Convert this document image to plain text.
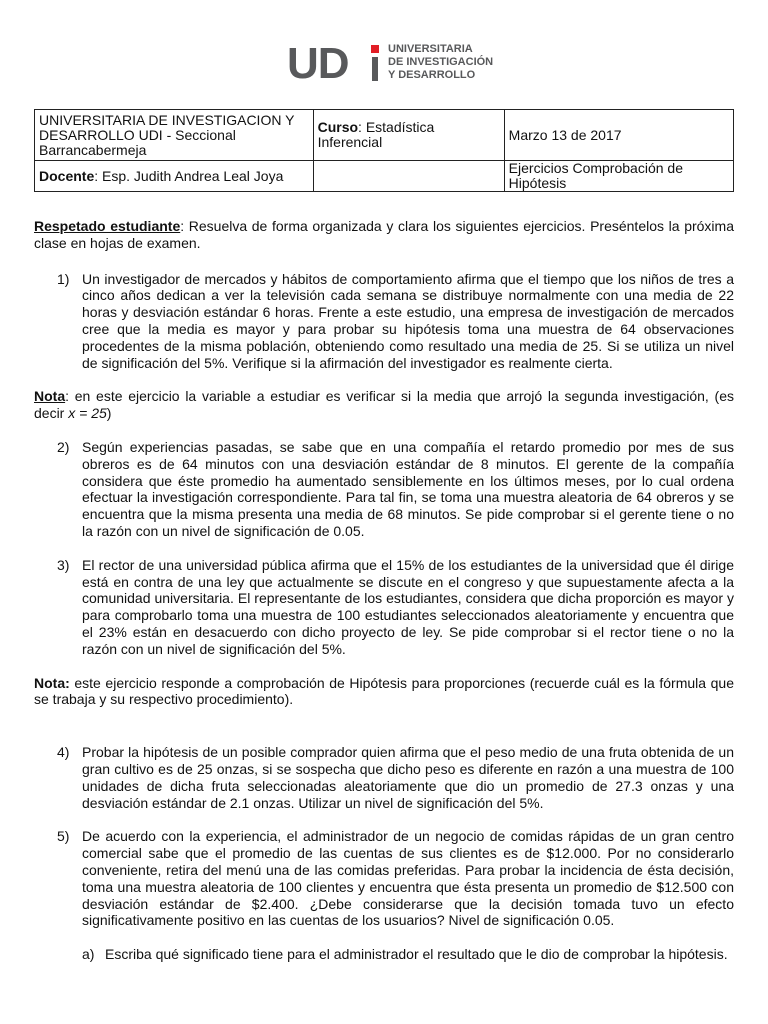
UD	UNIVERSITARIA
DE INVESTIGACIÓN
Y DESARROLLO
UNIVERSITARIA DE INVESTIGACION Y DESARROLLO UDI - Seccional Barrancabermeja	Curso: Estadística Inferencial	Marzo 13 de 2017
Docente: Esp. Judith Andrea Leal Joya		Ejercicios Comprobación de Hipótesis

Respetado estudiante: Resuelva de forma organizada y clara los siguientes ejercicios. Preséntelos la próxima clase en hojas de examen.

1) Un investigador de mercados y hábitos de comportamiento afirma que el tiempo que los niños de tres a cinco años dedican a ver la televisión cada semana se distribuye normalmente con una media de 22 horas y desviación estándar 6 horas. Frente a este estudio, una empresa de investigación de mercados cree que la media es mayor y para probar su hipótesis toma una muestra de 64 observaciones procedentes de la misma población, obteniendo como resultado una media de 25. Si se utiliza un nivel de significación del 5%. Verifique si la afirmación del investigador es realmente cierta.

Nota: en este ejercicio la variable a estudiar es verificar si la media que arrojó la segunda investigación, (es decir x = 25)

2) Según experiencias pasadas, se sabe que en una compañía el retardo promedio por mes de sus obreros es de 64 minutos con una desviación estándar de 8 minutos. El gerente de la compañía considera que éste promedio ha aumentado sensiblemente en los últimos meses, por lo cual ordena efectuar la investigación correspondiente. Para tal fin, se toma una muestra aleatoria de 64 obreros y se encuentra que la misma presenta una media de 68 minutos. Se pide comprobar si el gerente tiene o no la razón con un nivel de significación de 0.05.
3) El rector de una universidad pública afirma que el 15% de los estudiantes de la universidad que él dirige está en contra de una ley que actualmente se discute en el congreso y que supuestamente afecta a la comunidad universitaria. El representante de los estudiantes, considera que dicha proporción es mayor y para comprobarlo toma una muestra de 100 estudiantes seleccionados aleatoriamente y encuentra que el 23% están en desacuerdo con dicho proyecto de ley. Se pide comprobar si el rector tiene o no la razón con un nivel de significación del 5%.

Nota: este ejercicio responde a comprobación de Hipótesis para proporciones (recuerde cuál es la fórmula que se trabaja y su respectivo procedimiento).

4) Probar la hipótesis de un posible comprador quien afirma que el peso medio de una fruta obtenida de un gran cultivo es de 25 onzas, si se sospecha que dicho peso es diferente en razón a una muestra de 100 unidades de dicha fruta seleccionadas aleatoriamente que dio un promedio de 27.3 onzas y una desviación estándar de 2.1 onzas. Utilizar un nivel de significación del 5%.
5) De acuerdo con la experiencia, el administrador de un negocio de comidas rápidas de un gran centro comercial sabe que el promedio de las cuentas de sus clientes es de $12.000. Por no considerarlo conveniente, retira del menú una de las comidas preferidas. Para probar la incidencia de ésta decisión, toma una muestra aleatoria de 100 clientes y encuentra que ésta presenta un promedio de $12.500 con desviación estándar de $2.400. ¿Debe considerarse que la decisión tomada tuvo un efecto significativamente positivo en las cuentas de los usuarios? Nivel de significación 0.05.
a) Escriba qué significado tiene para el administrador el resultado que le dio de comprobar la hipótesis.
